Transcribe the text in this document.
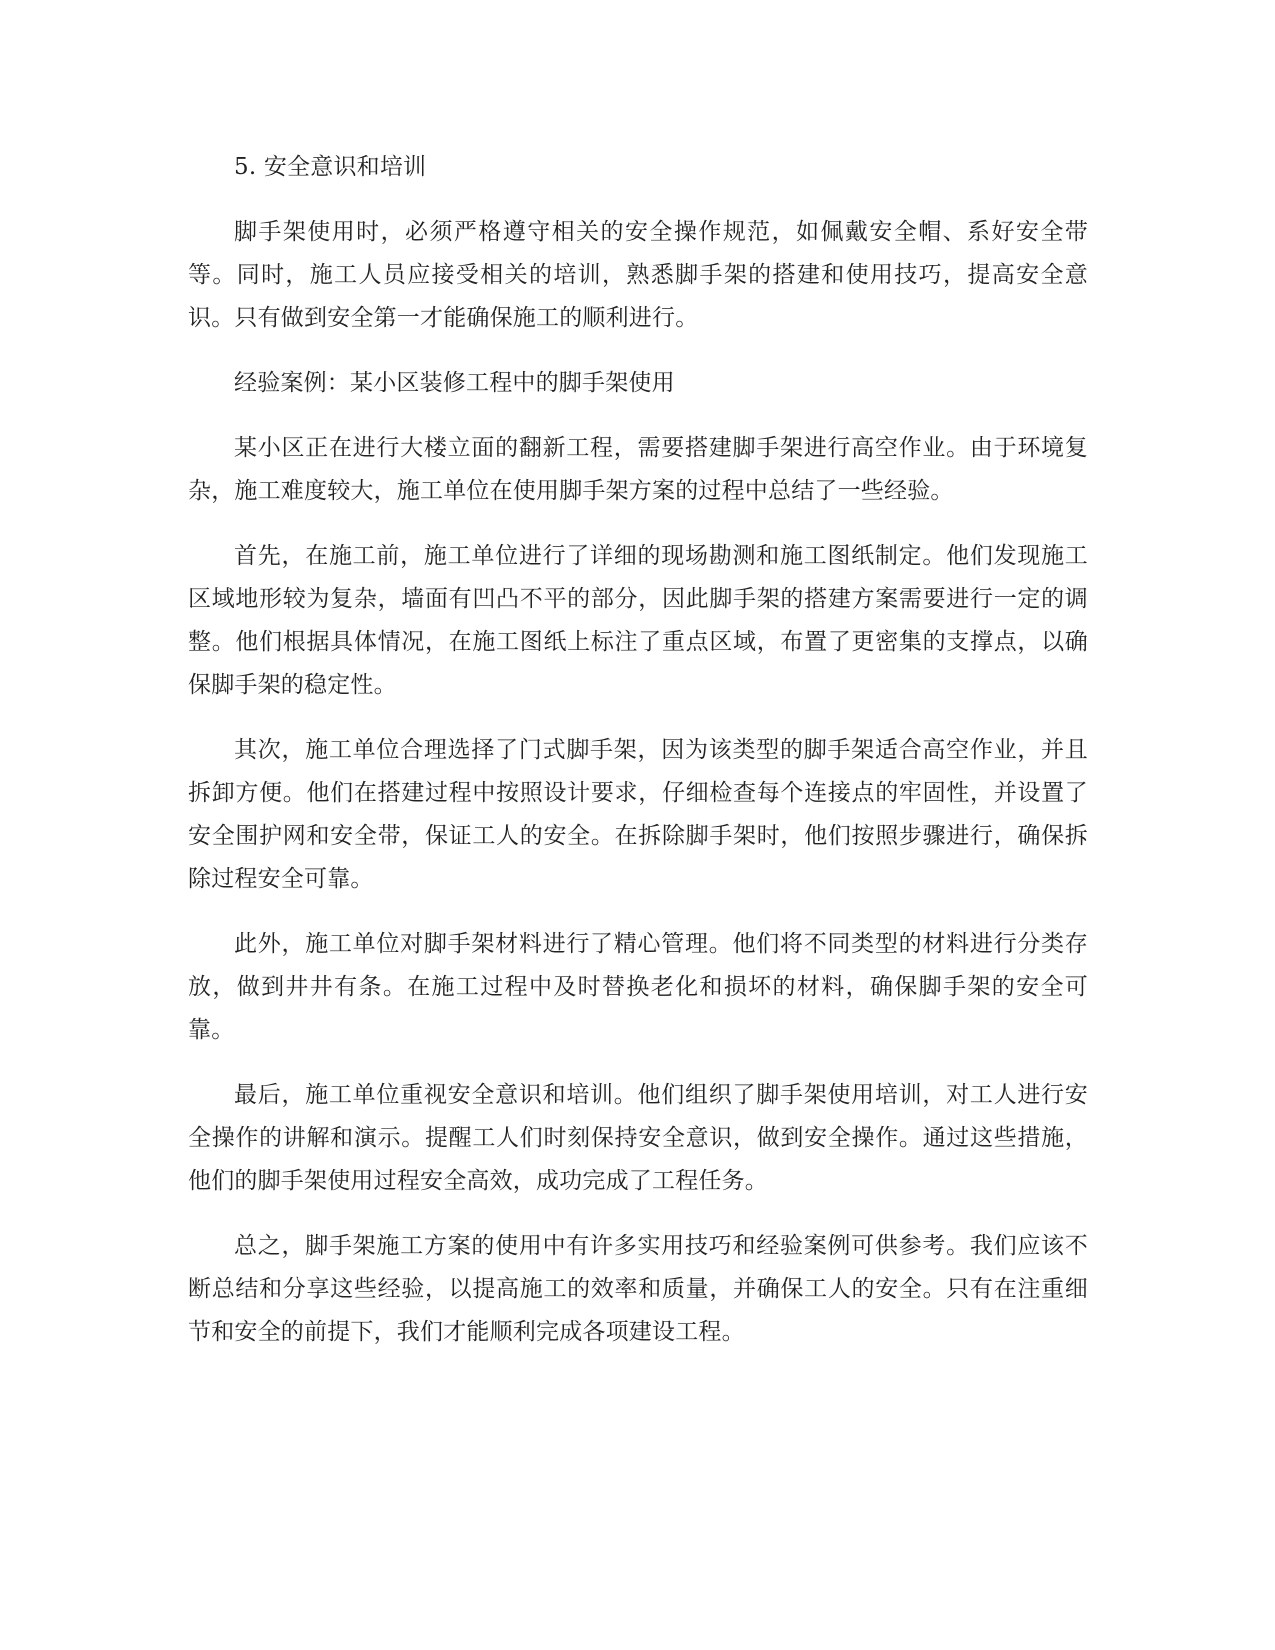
5. 安全意识和培训

脚手架使用时，必须严格遵守相关的安全操作规范，如佩戴安全帽、系好安全带等。同时，施工人员应接受相关的培训，熟悉脚手架的搭建和使用技巧，提高安全意识。只有做到安全第一才能确保施工的顺利进行。

经验案例：某小区装修工程中的脚手架使用

某小区正在进行大楼立面的翻新工程，需要搭建脚手架进行高空作业。由于环境复杂，施工难度较大，施工单位在使用脚手架方案的过程中总结了一些经验。

首先，在施工前，施工单位进行了详细的现场勘测和施工图纸制定。他们发现施工区域地形较为复杂，墙面有凹凸不平的部分，因此脚手架的搭建方案需要进行一定的调整。他们根据具体情况，在施工图纸上标注了重点区域，布置了更密集的支撑点，以确保脚手架的稳定性。

其次，施工单位合理选择了门式脚手架，因为该类型的脚手架适合高空作业，并且拆卸方便。他们在搭建过程中按照设计要求，仔细检查每个连接点的牢固性，并设置了安全围护网和安全带，保证工人的安全。在拆除脚手架时，他们按照步骤进行，确保拆除过程安全可靠。

此外，施工单位对脚手架材料进行了精心管理。他们将不同类型的材料进行分类存放，做到井井有条。在施工过程中及时替换老化和损坏的材料，确保脚手架的安全可靠。

最后，施工单位重视安全意识和培训。他们组织了脚手架使用培训，对工人进行安全操作的讲解和演示。提醒工人们时刻保持安全意识，做到安全操作。通过这些措施，他们的脚手架使用过程安全高效，成功完成了工程任务。

总之，脚手架施工方案的使用中有许多实用技巧和经验案例可供参考。我们应该不断总结和分享这些经验，以提高施工的效率和质量，并确保工人的安全。只有在注重细节和安全的前提下，我们才能顺利完成各项建设工程。
